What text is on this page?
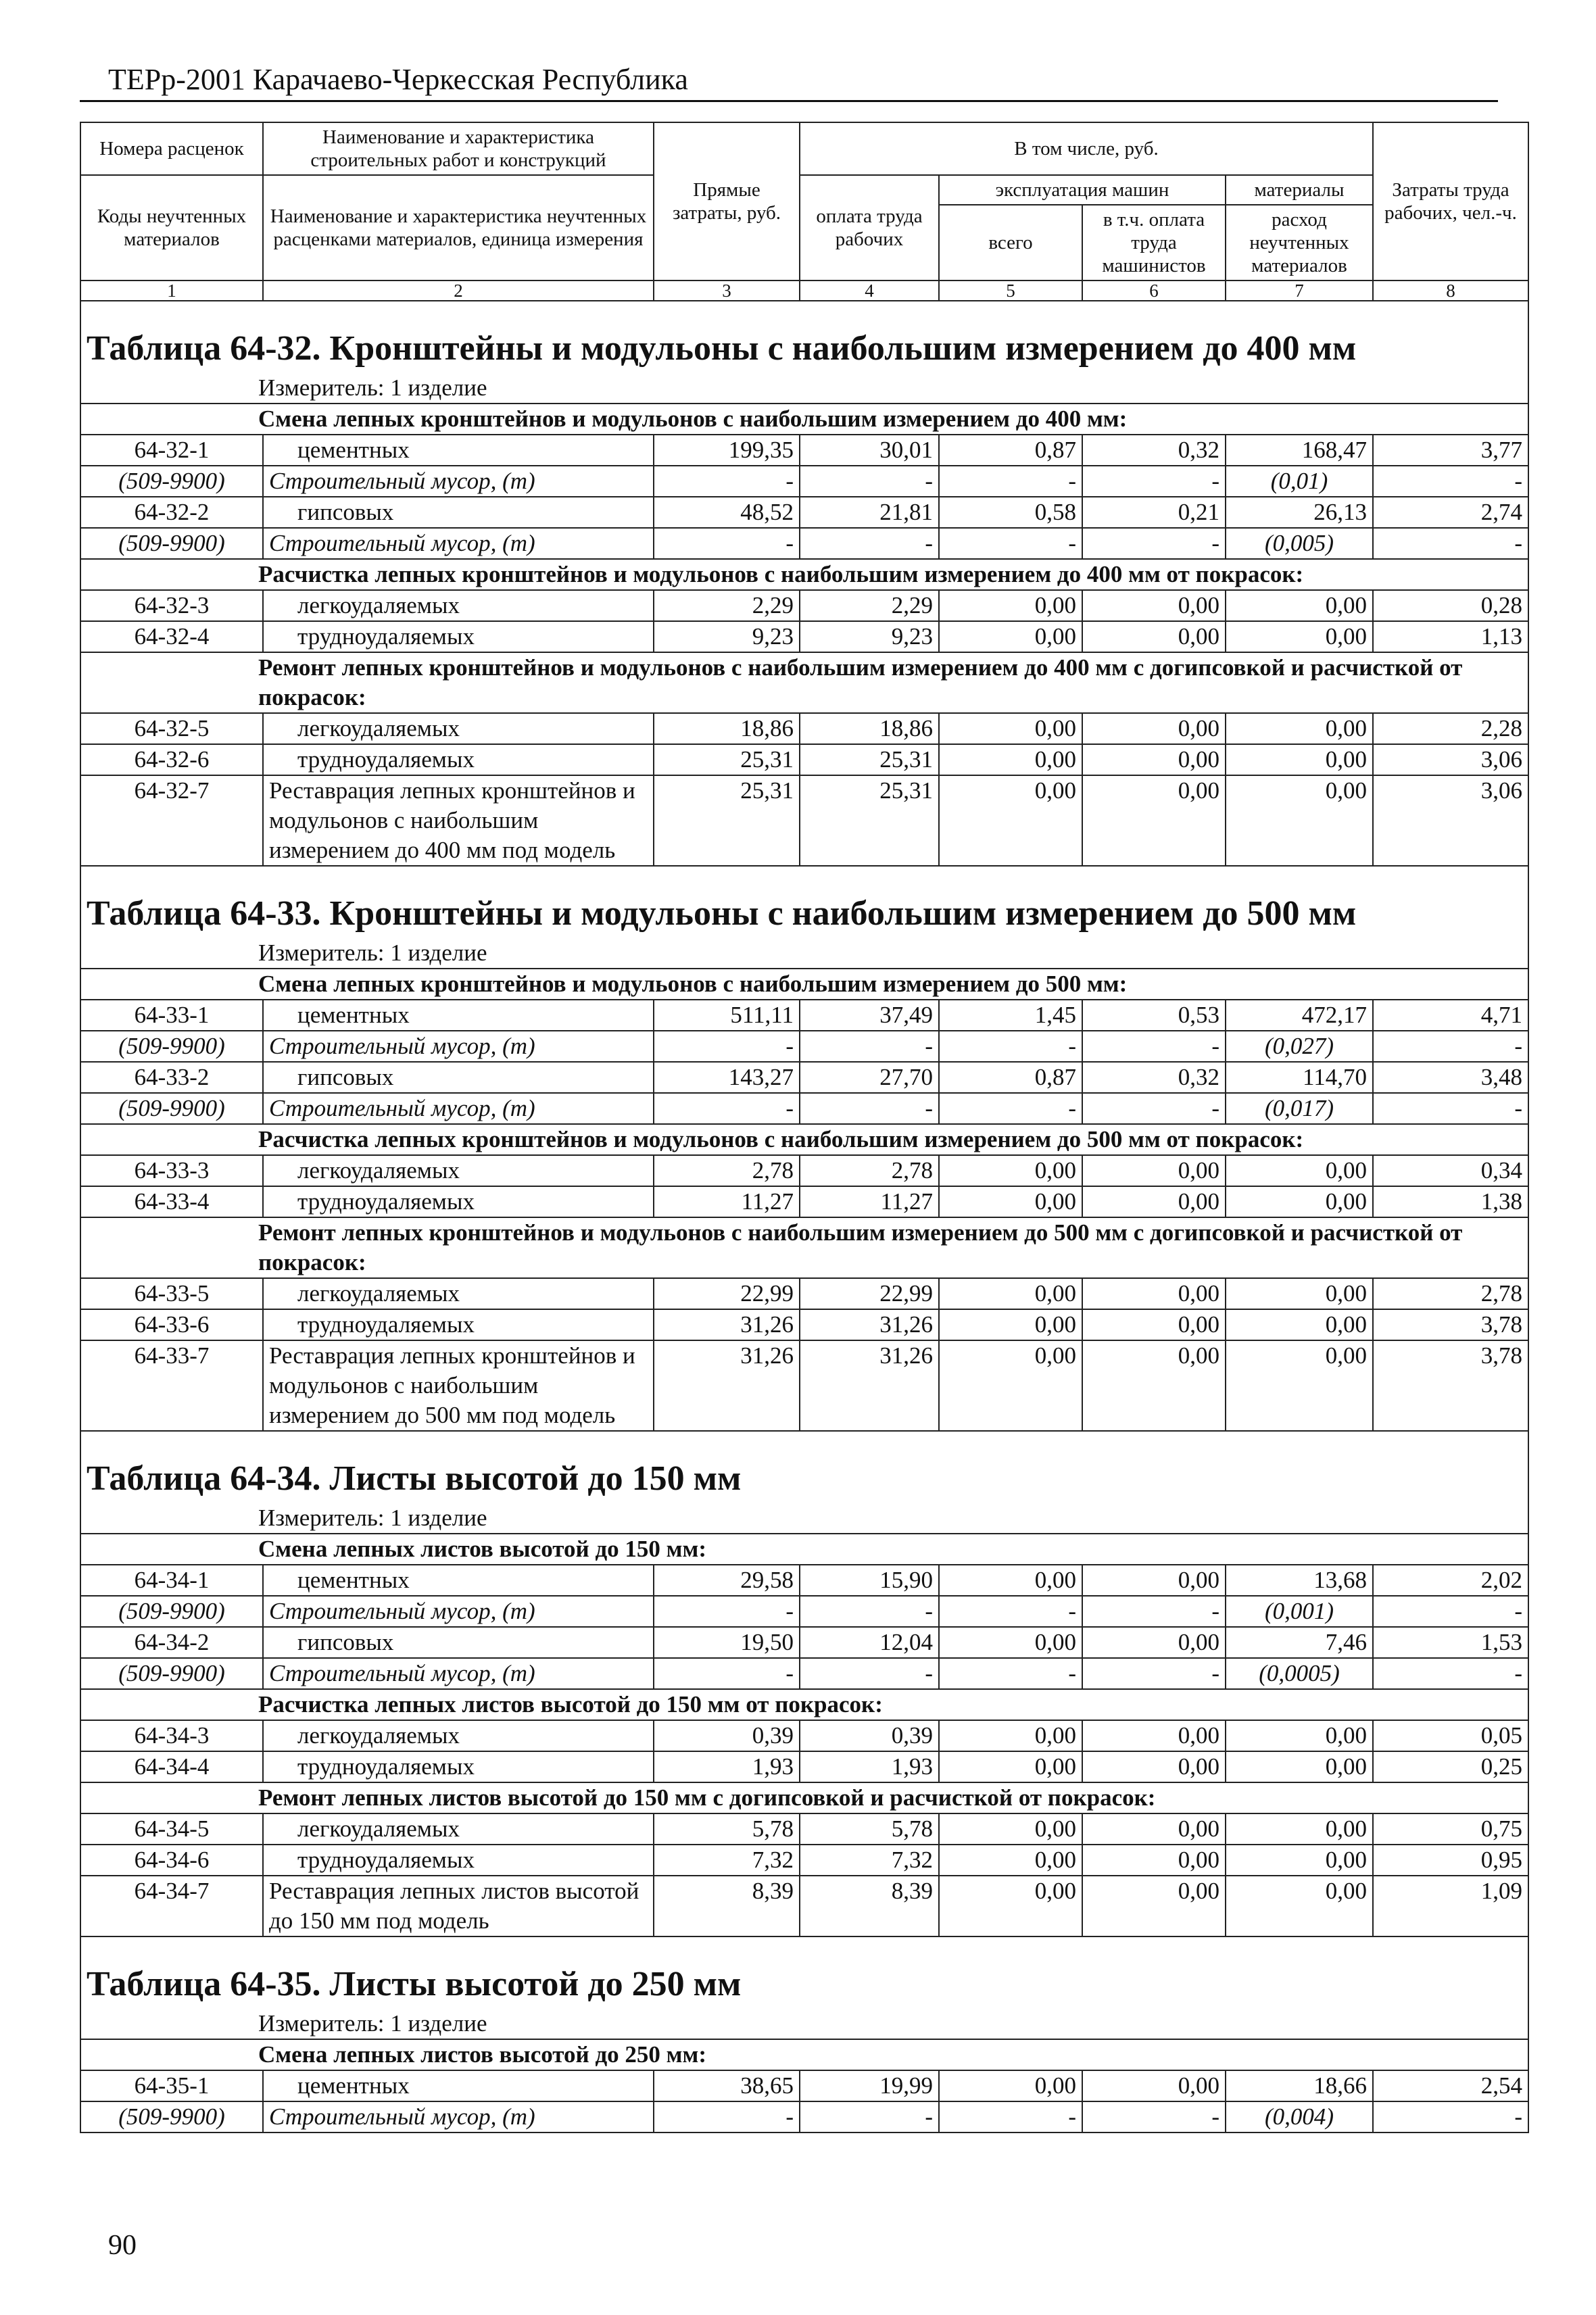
ТЕРр-2001 Карачаево-Черкесская Республика
Номера расценок	Наименование и характеристика строительных работ и конструкций	Прямые затраты, руб.	В том числе, руб.				Затраты труда рабочих, чел.-ч.
Коды неучтенных материалов	Наименование и характеристика неучтенных расценками материалов, единица измерения		оплата труда рабочих	эксплуатация машин		материалы	
				всего	в т.ч. оплата труда машинистов	расход неучтенных материалов	
1	2	3	4	5	6	7	8
Таблица 64-32. Кронштейны и модульоны с наибольшим измерением до 400 мм							
Измеритель: 1 изделие							
Смена лепных кронштейнов и модульонов с наибольшим измерением до 400 мм:							
64-32-1	цементных	199,35	30,01	0,87	0,32	168,47	3,77
(509-9900)	Строительный мусор, (т)	-	-	-	-	(0,01)	-
64-32-2	гипсовых	48,52	21,81	0,58	0,21	26,13	2,74
(509-9900)	Строительный мусор, (т)	-	-	-	-	(0,005)	-
Расчистка лепных кронштейнов и модульонов с наибольшим измерением до 400 мм от покрасок:							
64-32-3	легкоудаляемых	2,29	2,29	0,00	0,00	0,00	0,28
64-32-4	трудноудаляемых	9,23	9,23	0,00	0,00	0,00	1,13
Ремонт лепных кронштейнов и модульонов с наибольшим измерением до 400 мм с догипсовкой и расчисткой от покрасок:							
64-32-5	легкоудаляемых	18,86	18,86	0,00	0,00	0,00	2,28
64-32-6	трудноудаляемых	25,31	25,31	0,00	0,00	0,00	3,06
64-32-7	Реставрация лепных кронштейнов и модульонов с наибольшим измерением до 400 мм под модель	25,31	25,31	0,00	0,00	0,00	3,06
Таблица 64-33. Кронштейны и модульоны с наибольшим измерением до 500 мм							
Измеритель: 1 изделие							
Смена лепных кронштейнов и модульонов с наибольшим измерением до 500 мм:							
64-33-1	цементных	511,11	37,49	1,45	0,53	472,17	4,71
(509-9900)	Строительный мусор, (т)	-	-	-	-	(0,027)	-
64-33-2	гипсовых	143,27	27,70	0,87	0,32	114,70	3,48
(509-9900)	Строительный мусор, (т)	-	-	-	-	(0,017)	-
Расчистка лепных кронштейнов и модульонов с наибольшим измерением до 500 мм от покрасок:							
64-33-3	легкоудаляемых	2,78	2,78	0,00	0,00	0,00	0,34
64-33-4	трудноудаляемых	11,27	11,27	0,00	0,00	0,00	1,38
Ремонт лепных кронштейнов и модульонов с наибольшим измерением до 500 мм с догипсовкой и расчисткой от покрасок:							
64-33-5	легкоудаляемых	22,99	22,99	0,00	0,00	0,00	2,78
64-33-6	трудноудаляемых	31,26	31,26	0,00	0,00	0,00	3,78
64-33-7	Реставрация лепных кронштейнов и модульонов с наибольшим измерением до 500 мм под модель	31,26	31,26	0,00	0,00	0,00	3,78
Таблица 64-34. Листы высотой до 150 мм							
Измеритель: 1 изделие							
Смена лепных листов высотой до 150 мм:							
64-34-1	цементных	29,58	15,90	0,00	0,00	13,68	2,02
(509-9900)	Строительный мусор, (т)	-	-	-	-	(0,001)	-
64-34-2	гипсовых	19,50	12,04	0,00	0,00	7,46	1,53
(509-9900)	Строительный мусор, (т)	-	-	-	-	(0,0005)	-
Расчистка лепных листов высотой до 150 мм от покрасок:							
64-34-3	легкоудаляемых	0,39	0,39	0,00	0,00	0,00	0,05
64-34-4	трудноудаляемых	1,93	1,93	0,00	0,00	0,00	0,25
Ремонт лепных листов высотой до 150 мм с догипсовкой и расчисткой от покрасок:							
64-34-5	легкоудаляемых	5,78	5,78	0,00	0,00	0,00	0,75
64-34-6	трудноудаляемых	7,32	7,32	0,00	0,00	0,00	0,95
64-34-7	Реставрация лепных листов высотой до 150 мм под модель	8,39	8,39	0,00	0,00	0,00	1,09
Таблица 64-35. Листы высотой до 250 мм							
Измеритель: 1 изделие							
Смена лепных листов высотой до 250 мм:							
64-35-1	цементных	38,65	19,99	0,00	0,00	18,66	2,54
(509-9900)	Строительный мусор, (т)	-	-	-	-	(0,004)	-
90
